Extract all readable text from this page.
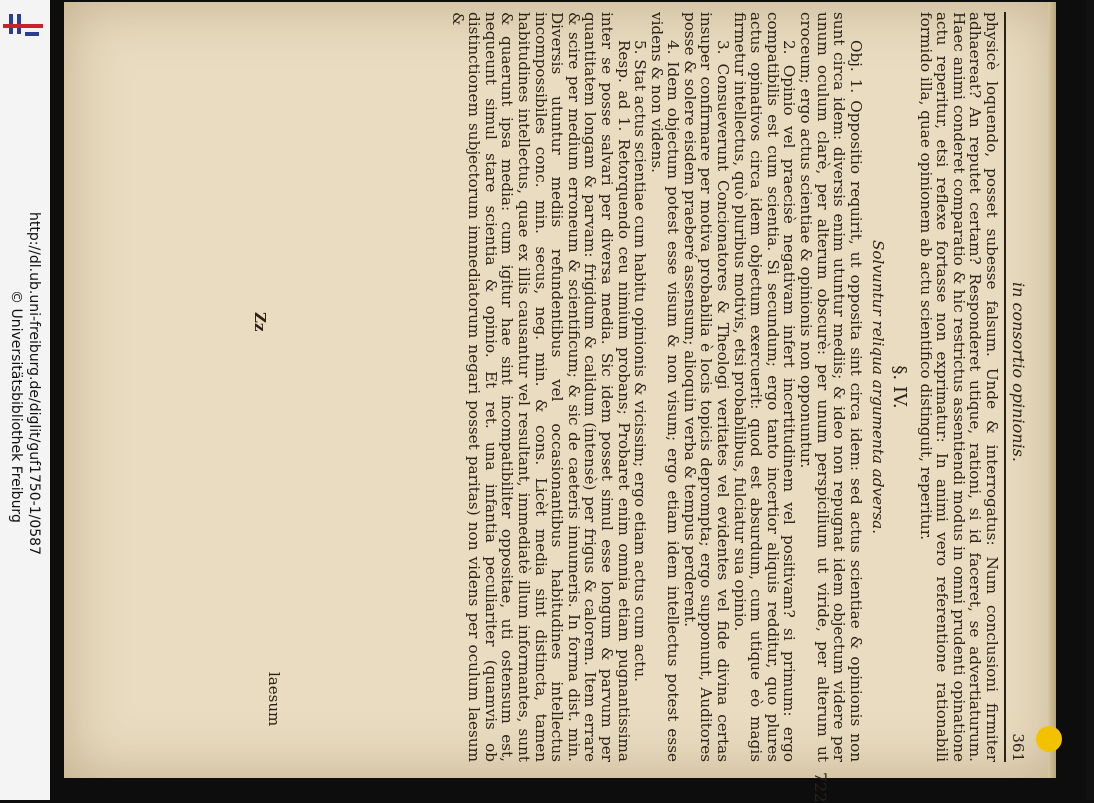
http://dl.ub.uni-freiburg.de/diglit/guf1750-1/0587
© Universitätsbibliothek Freiburg	in consortio opinionis.
361

physicè loquendo, posset subesse falsum. Unde & interrogatus: Num conclusioni firmiter adhaereat? An reputet certam? Responderet utique, rationi, si id faceret, se advertiaturum. Haec animi conderet comparatio & hic restrictus assentiendi modus in omni prudenti opinatione actu reperitur, etsi reflexe fortasse non exprimatur: In animi vero referentione rationabili formido illa, quae opinionem ab actu scientifico distinguit, reperitur.

§. IV.
Solvuntur reliqua argumenta adversa.

Obj. 1. Oppositio requirit, ut opposita sint circa idem: sed actus scientiae & opinionis non sunt circa idem: diversis enim utuntur mediis; & ideo non repugnat idem objectum videre per unum oculum clarè, per alterum obscurè: per unum perspicilium ut viride, per alterum ut croceum; ergo actus scientiae & opinionis non opponuntur.

2. Opinio vel praecisè negativam infert incertitudinem vel positivam? si primum: ergo compatibilis est cum scientia. Si secundum; ergo tanto incertior aliquis redditur, quo plures actus opinativos circa idem objectum exercuerit: quod est absurdum, cum utique eò magis firmetur intellectus, quò pluribus motivis, etsi probabilibus, fulciatur sua opinio.

3. Consueverunt Concionatores & Theologi veritates vel evidentes vel fide divina certas insuper confirmare per motiva probabilia è locis topicis deprompta; ergo supponunt, Auditores posse & solere eisdem praeberé assensum; alioquin verba & tempus perderent.

4. Idem objectum potest esse visum & non visum; ergo etiam idem intellectus potest esse videns & non videns.

5. Stat actus scientiae cum habitu opinionis & vicissim; ergo etiam actus cum actu.

Resp. ad 1. Retorquendo ceu nimium probans; Probaret enim omnia etiam pugnantissima inter se posse salvari per diversa media. Sic idem posset simul esse longum & parvum per quantitatem longam & parvam: frigidum & calidum (intensè) per frigus & calorem. Item errare & scire per medium erroneum & scientificum; & sic de caeteris innumeris. In forma dist. min. Diversis utuntur mediis refundentibus vel occasionantibus habitudines intellectus incompossibiles conc. min. secus, neg. min. & cons. Licèt media sint distincta, tamen habitudines intellectus, quae ex illis causantur vel resultant, immediatè illum informantes, sunt & quaerunt ipsa media: cum igitur hae sint incompatibiliter oppositae, uti ostensum est, nequeunt simul stare scientia & opinio. Et ret. una infantia peculiariter (quamvis ob distinctionem subjectorum immediatorum negari posset paritas) non videns per oculum laesum &

722
Zz
laesum
